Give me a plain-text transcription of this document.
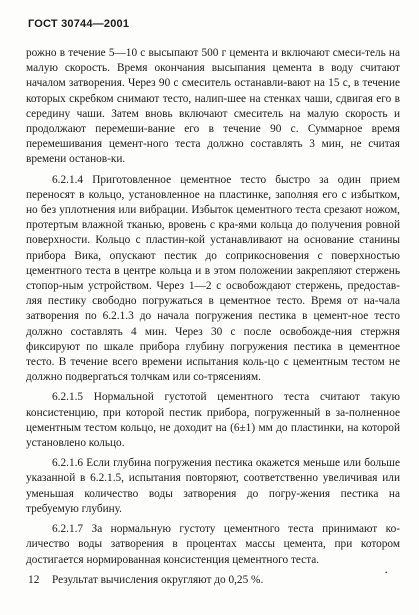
ГОСТ 30744—2001

рожно в течение 5—10 с высыпают 500 г цемента и включают смеси-тель на малую скорость. Время окончания высыпания цемента в воду считают началом затворения. Через 90 с смеситель останавли-вают на 15 с, в течение которых скребком снимают тесто, налип-шее на стенках чаши, сдвигая его в середину чаши. Затем вновь включают смеситель на малую скорость и продолжают перемеши-вание его в течение 90 с. Суммарное время перемешивания цемент-ного теста должно составлять 3 мин, не считая времени останов-ки.

6.2.1.4 Приготовленное цементное тесто быстро за один прием переносят в кольцо, установленное на пластинке, заполняя его с избытком, но без уплотнения или вибрации. Избыток цементного теста срезают ножом, протертым влажной тканью, вровень с кра-ями кольца до получения ровной поверхности. Кольцо с пластин-кой устанавливают на основание станины прибора Вика, опускают пестик до соприкосновения с поверхностью цементного теста в центре кольца и в этом положении закрепляют стержень стопор-ным устройством. Через 1—2 с освобождают стержень, предостав-ляя пестику свободно погружаться в цементное тесто. Время от на-чала затворения по 6.2.1.3 до начала погружения пестика в цемент-ное тесто должно составлять 4 мин. Через 30 с после освобожде-ния стержня фиксируют по шкале прибора глубину погружения пестика в цементное тесто. В течение всего времени испытания коль-цо с цементным тестом не должно подвергаться толчкам или со-трясениям.

6.2.1.5 Нормальной густотой цементного теста считают такую консистенцию, при которой пестик прибора, погруженный в за-полненное цементным тестом кольцо, не доходит на (6±1) мм до пластинки, на которой установлено кольцо.

6.2.1.6 Если глубина погружения пестика окажется меньше или больше указанной в 6.2.1.5, испытания повторяют, соответственно увеличивая или уменьшая количество воды затворения до погру-жения пестика на требуемую глубину.

6.2.1.7 За нормальную густоту цементного теста принимают ко-личество воды затворения в процентах массы цемента, при котором достигается нормированная консистенция цементного теста.

Результат вычисления округляют до 0,25 %.

•
12
